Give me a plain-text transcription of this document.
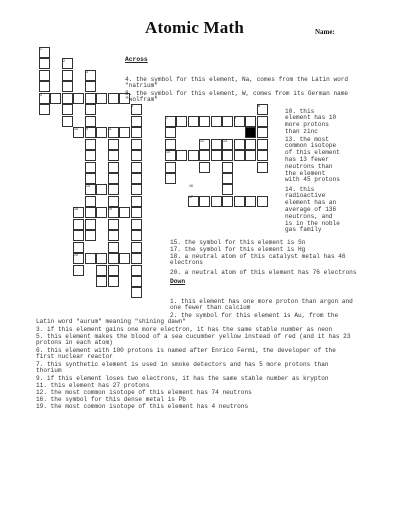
Atomic Math	Name:
1
2
3
4
5	6
7	8
9
10	11
12	13
14
15	16
17
18	19
20
Across

4. the symbol for this element, Na, comes from the Latin word
"natrium"

8. the symbol for this element, W, comes from its German name
"wolfram"

10. this
element has 10
more protons
than zinc

13. the most
common isotope
of this element
has 13 fewer
neutrons than
the element
with 45 protons

14. this
radioactive
element has an
average of 136
neutrons, and
is in the noble
gas family

15. the symbol for this element is Sn

17. the symbol for this element is Hg

18. a neutral atom of this catalyst metal has 46
electrons

20. a neutral atom of this element has 76 electrons

Down

1. this element has one more proton than argon and
one fewer than calcium

2. the symbol for this element is Au, from the
Latin word "aurum" meaning "shining dawn"

3. if this element gains one more electron, it has the same stable number as neon

5. this element makes the blood of a sea cucumber yellow instead of red (and it has 23
protons in each atom)

6. this element with 100 protons is named after Enrico Fermi, the developer of the
first nuclear reactor

7. this synthetic element is used in smoke detectors and has 5 more protons than
thorium

9. if this element loses two electrons, it has the same stable number as krypton

11. this element has 27 protons

12. the most common isotope of this element has 74 neutrons

16. the symbol for this dense metal is Pb

19. the most common isotope of this element has 4 neutrons
